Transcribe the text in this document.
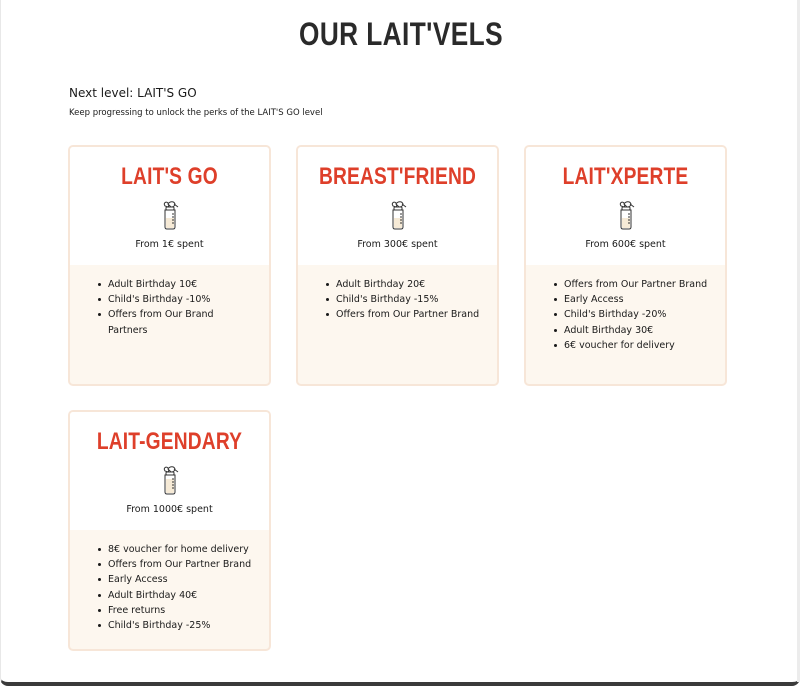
OUR LAIT'VELS
Next level: LAIT'S GO
Keep progressing to unlock the perks of the LAIT'S GO level
LAIT'S GO
From 1€ spent
Adult Birthday 10€
Child's Birthday -10%
Offers from Our Brand Partners
BREAST'FRIEND
From 300€ spent
Adult Birthday 20€
Child's Birthday -15%
Offers from Our Partner Brand
LAIT'XPERTE
From 600€ spent
Offers from Our Partner Brand
Early Access
Child's Birthday -20%
Adult Birthday 30€
6€ voucher for delivery
LAIT-GENDARY
From 1000€ spent
8€ voucher for home delivery
Offers from Our Partner Brand
Early Access
Adult Birthday 40€
Free returns
Child's Birthday -25%
